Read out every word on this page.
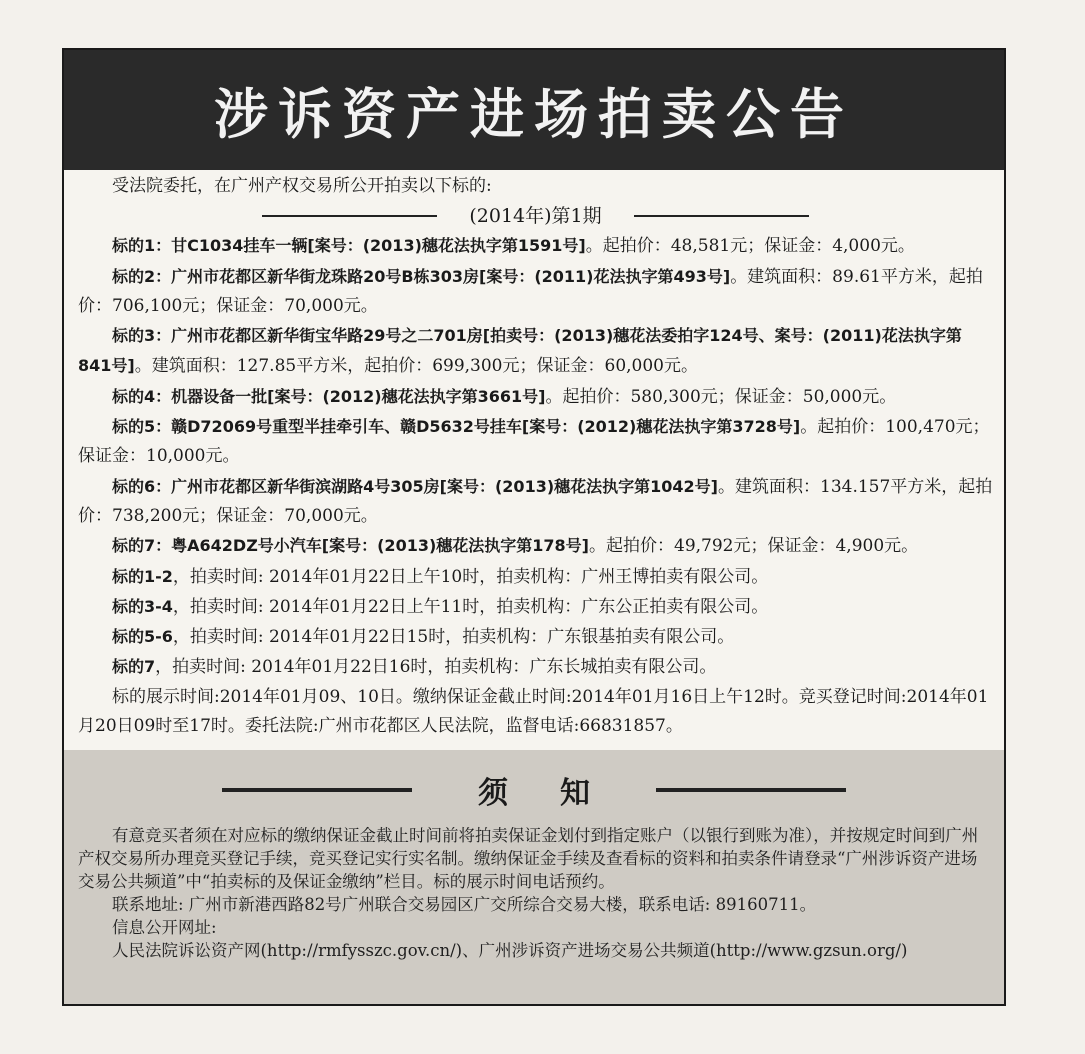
涉诉资产进场拍卖公告

受法院委托，在广州产权交易所公开拍卖以下标的:

(2014年)第1期

标的1：甘C1034挂车一辆[案号：(2013)穗花法执字第1591号]。起拍价：48,581元；保证金：4,000元。

标的2：广州市花都区新华街龙珠路20号B栋303房[案号：(2011)花法执字第493号]。建筑面积：89.61平方米，起拍价：706,100元；保证金：70,000元。

标的3：广州市花都区新华街宝华路29号之二701房[拍卖号：(2013)穗花法委拍字124号、案号：(2011)花法执字第841号]。建筑面积：127.85平方米，起拍价：699,300元；保证金：60,000元。

标的4：机器设备一批[案号：(2012)穗花法执字第3661号]。起拍价：580,300元；保证金：50,000元。

标的5：赣D72069号重型半挂牵引车、赣D5632号挂车[案号：(2012)穗花法执字第3728号]。起拍价：100,470元；保证金：10,000元。

标的6：广州市花都区新华街滨湖路4号305房[案号：(2013)穗花法执字第1042号]。建筑面积：134.157平方米，起拍价：738,200元；保证金：70,000元。

标的7：粤A642DZ号小汽车[案号：(2013)穗花法执字第178号]。起拍价：49,792元；保证金：4,900元。

标的1-2，拍卖时间: 2014年01月22日上午10时，拍卖机构：广州王博拍卖有限公司。

标的3-4，拍卖时间: 2014年01月22日上午11时，拍卖机构：广东公正拍卖有限公司。

标的5-6，拍卖时间: 2014年01月22日15时，拍卖机构：广东银基拍卖有限公司。

标的7，拍卖时间: 2014年01月22日16时，拍卖机构：广东长城拍卖有限公司。

标的展示时间:2014年01月09、10日。缴纳保证金截止时间:2014年01月16日上午12时。竞买登记时间:2014年01月20日09时至17时。委托法院:广州市花都区人民法院，监督电话:66831857。

须知

有意竞买者须在对应标的缴纳保证金截止时间前将拍卖保证金划付到指定账户（以银行到账为准），并按规定时间到广州产权交易所办理竞买登记手续，竞买登记实行实名制。缴纳保证金手续及查看标的资料和拍卖条件请登录“广州涉诉资产进场交易公共频道”中“拍卖标的及保证金缴纳”栏目。标的展示时间电话预约。

联系地址: 广州市新港西路82号广州联合交易园区广交所综合交易大楼，联系电话: 89160711。

信息公开网址:

人民法院诉讼资产网(http://rmfysszc.gov.cn/)、广州涉诉资产进场交易公共频道(http://www.gzsun.org/)
